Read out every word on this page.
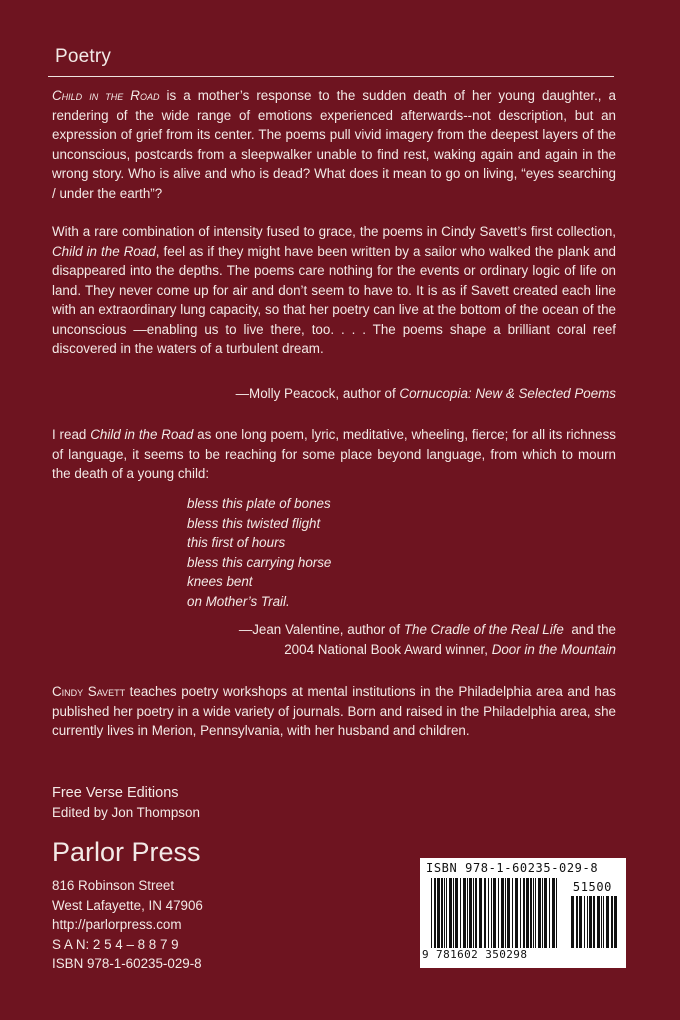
Poetry
Child in the Road is a mother’s response to the sudden death of her young daughter., a rendering of the wide range of emotions experienced afterwards--not description, but an expression of grief from its center. The poems pull vivid imagery from the deepest layers of the unconscious, postcards from a sleepwalker unable to find rest, waking again and again in the wrong story. Who is alive and who is dead? What does it mean to go on living, “eyes searching / under the earth”?
With a rare combination of intensity fused to grace, the poems in Cindy Savett’s first collection, Child in the Road, feel as if they might have been written by a sailor who walked the plank and disappeared into the depths. The poems care nothing for the events or ordinary logic of life on land. They never come up for air and don’t seem to have to. It is as if Savett created each line with an extraordinary lung capacity, so that her poetry can live at the bottom of the ocean of the unconscious —enabling us to live there, too. . . . The poems shape a brilliant coral reef discovered in the waters of a turbulent dream.
—Molly Peacock, author of Cornucopia: New & Selected Poems
I read Child in the Road as one long poem, lyric, meditative, wheeling, fierce; for all its richness of language, it seems to be reaching for some place beyond language, from which to mourn the death of a young child:
bless this plate of bones
bless this twisted flight
this first of hours
bless this carrying horse
knees bent
on Mother’s Trail.
—Jean Valentine, author of The Cradle of the Real Life  and the
2004 National Book Award winner, Door in the Mountain
Cindy Savett teaches poetry workshops at mental institutions in the Philadelphia area and has published her poetry in a wide variety of journals. Born and raised in the Philadelphia area, she currently lives in Merion, Pennsylvania, with her husband and children.
Free Verse Editions
Edited by Jon Thompson
Parlor Press
816 Robinson Street
West Lafayette, IN 47906
http://parlorpress.com
S A N: 2 5 4 – 8 8 7 9
ISBN 978-1-60235-029-8
ISBN 978-1-60235-029-8
51500
9 781602 350298
